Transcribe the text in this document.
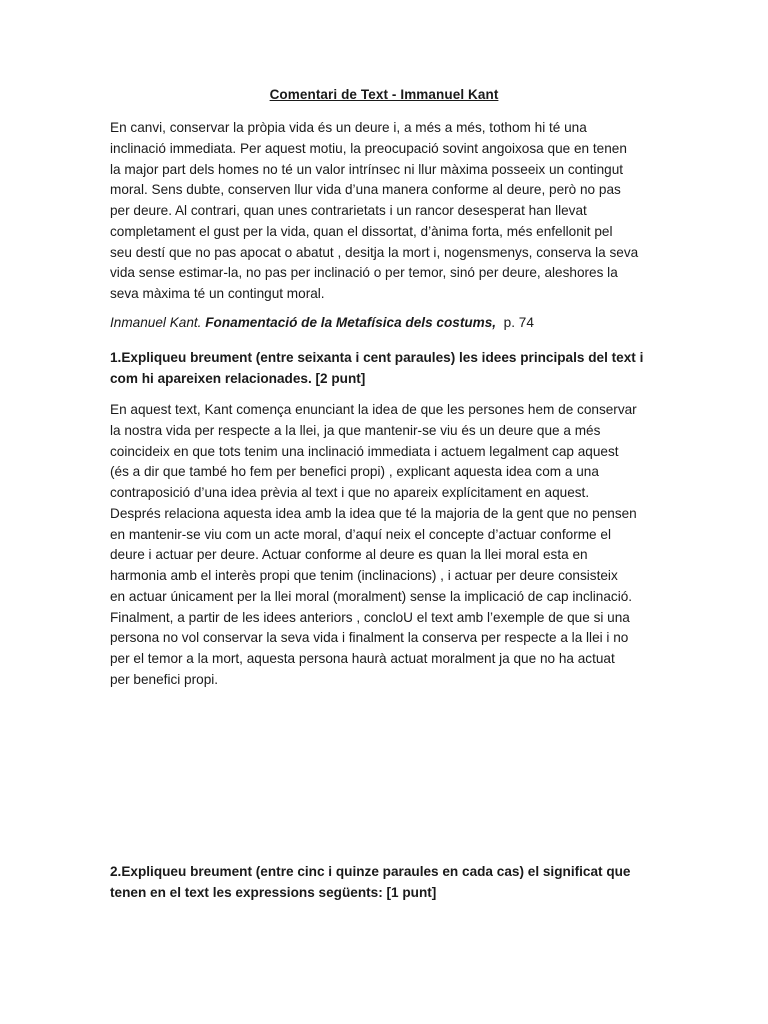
Comentari de Text - Immanuel Kant
En canvi, conservar la pròpia vida és un deure i, a més a més, tothom hi té una
inclinació immediata. Per aquest motiu, la preocupació sovint angoixosa que en tenen
la major part dels homes no té un valor intrínsec ni llur màxima posseeix un contingut
moral. Sens dubte, conserven llur vida d’una manera conforme al deure, però no pas
per deure. Al contrari, quan unes contrarietats i un rancor desesperat han llevat
completament el gust per la vida, quan el dissortat, d’ànima forta, més enfellonit pel
seu destí que no pas apocat o abatut , desitja la mort i, nogensmenys, conserva la seva
vida sense estimar-la, no pas per inclinació o per temor, sinó per deure, aleshores la
seva màxima té un contingut moral.
Inmanuel Kant. Fonamentació de la Metafísica dels costums, p. 74
1.Expliqueu breument (entre seixanta i cent paraules) les idees principals del text i
com hi apareixen relacionades. [2 punt]
En aquest text, Kant comença enunciant la idea de que les persones hem de conservar
la nostra vida per respecte a la llei, ja que mantenir-se viu és un deure que a més
coincideix en que tots tenim una inclinació immediata i actuem legalment cap aquest
(és a dir que també ho fem per benefici propi) , explicant aquesta idea com a una
contraposició d’una idea prèvia al text i que no apareix explícitament en aquest.
Després relaciona aquesta idea amb la idea que té la majoria de la gent que no pensen
en mantenir-se viu com un acte moral, d’aquí neix el concepte d’actuar conforme el
deure i actuar per deure. Actuar conforme al deure es quan la llei moral esta en
harmonia amb el interès propi que tenim (inclinacions) , i actuar per deure consisteix
en actuar únicament per la llei moral (moralment) sense la implicació de cap inclinació.
Finalment, a partir de les idees anteriors , concloU el text amb l’exemple de que si una
persona no vol conservar la seva vida i finalment la conserva per respecte a la llei i no
per el temor a la mort, aquesta persona haurà actuat moralment ja que no ha actuat
per benefici propi.
2.Expliqueu breument (entre cinc i quinze paraules en cada cas) el significat que
tenen en el text les expressions següents: [1 punt]
